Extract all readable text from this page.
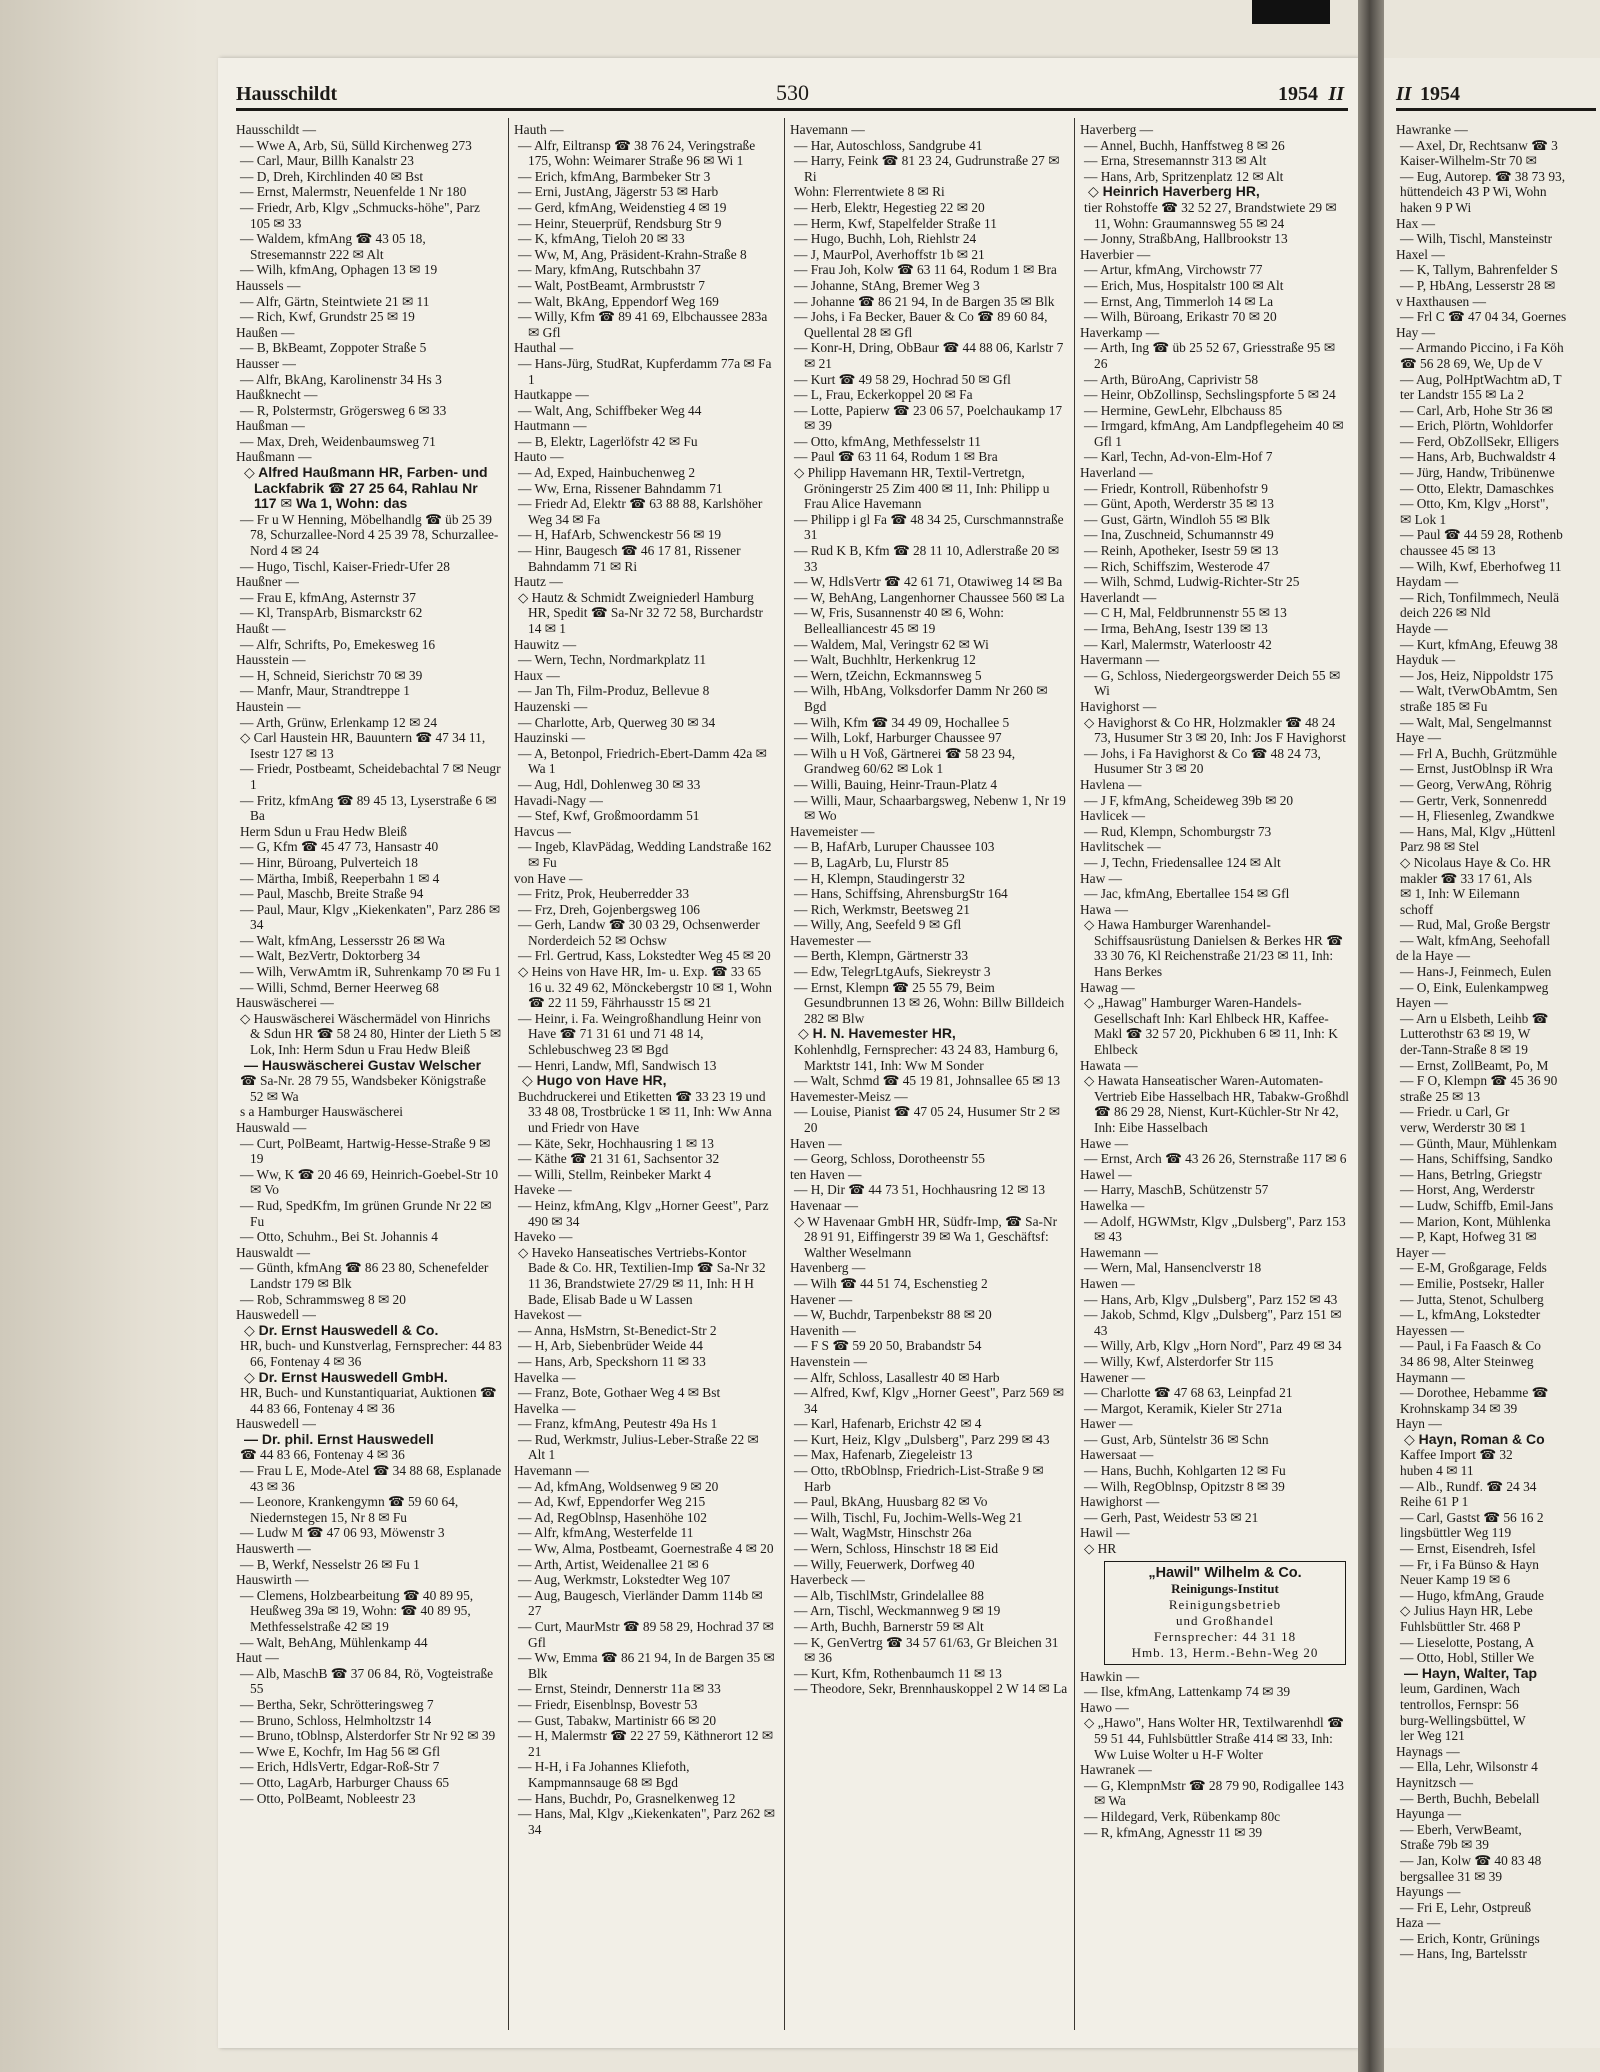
Hausschildt	530	1954 II	II 1954
Hausschildt —
— Wwe A, Arb, Sü, Sülld Kirchenweg 273
— Carl, Maur, Billh Kanalstr 23
— D, Dreh, Kirchlinden 40 ✉ Bst
— Ernst, Malermstr, Neuenfelde 1 Nr 180
— Friedr, Arb, Klgv „Schmucks-höhe", Parz 105 ✉ 33
— Waldem, kfmAng ☎ 43 05 18, Stresemannstr 222 ✉ Alt
— Wilh, kfmAng, Ophagen 13 ✉ 19
Haussels —
— Alfr, Gärtn, Steintwiete 21 ✉ 11
— Rich, Kwf, Grundstr 25 ✉ 19
Haußen —
— B, BkBeamt, Zoppoter Straße 5
Hausser —
— Alfr, BkAng, Karolinenstr 34 Hs 3
Haußknecht —
— R, Polstermstr, Grögersweg 6 ✉ 33
Haußman —
— Max, Dreh, Weidenbaumsweg 71
Haußmann —
◇ Alfred Haußmann HR, Farben- und Lackfabrik ☎ 27 25 64, Rahlau Nr 117 ✉ Wa 1, Wohn: das
— Fr u W Henning, Möbelhandlg ☎ üb 25 39 78, Schurzallee-Nord 4 25 39 78, Schurzallee-Nord 4 ✉ 24
— Hugo, Tischl, Kaiser-Friedr-Ufer 28
Haußner —
— Frau E, kfmAng, Asternstr 37
— Kl, TranspArb, Bismarckstr 62
Haußt —
— Alfr, Schrifts, Po, Emekesweg 16
Hausstein —
— H, Schneid, Sierichstr 70 ✉ 39
— Manfr, Maur, Strandtreppe 1
Haustein —
— Arth, Grünw, Erlenkamp 12 ✉ 24
◇ Carl Haustein HR, Bauuntern ☎ 47 34 11, Isestr 127 ✉ 13
— Friedr, Postbeamt, Scheidebachtal 7 ✉ Neugr 1
— Fritz, kfmAng ☎ 89 45 13, Lyserstraße 6 ✉ Ba
Herm Sdun u Frau Hedw Bleiß
— G, Kfm ☎ 45 47 73, Hansastr 40
— Hinr, Büroang, Pulverteich 18
— Märtha, Imbiß, Reeperbahn 1 ✉ 4
— Paul, Maschb, Breite Straße 94
— Paul, Maur, Klgv „Kiekenkaten", Parz 286 ✉ 34
— Walt, kfmAng, Lessersstr 26 ✉ Wa
— Walt, BezVertr, Doktorberg 34
— Wilh, VerwAmtm iR, Suhrenkamp 70 ✉ Fu 1
— Willi, Schmd, Berner Heerweg 68
Hauswäscherei —
◇ Hauswäscherei Wäschermädel von Hinrichs & Sdun HR ☎ 58 24 80, Hinter der Lieth 5 ✉ Lok, Inh: Herm Sdun u Frau Hedw Bleiß
— Hauswäscherei Gustav Welscher
☎ Sa-Nr. 28 79 55, Wandsbeker Königstraße 52 ✉ Wa
s a Hamburger Hauswäscherei
Hauswald —
— Curt, PolBeamt, Hartwig-Hesse-Straße 9 ✉ 19
— Ww, K ☎ 20 46 69, Heinrich-Goebel-Str 10 ✉ Vo
— Rud, SpedKfm, Im grünen Grunde Nr 22 ✉ Fu
— Otto, Schuhm., Bei St. Johannis 4
Hauswaldt —
— Günth, kfmAng ☎ 86 23 80, Schenefelder Landstr 179 ✉ Blk
— Rob, Schrammsweg 8 ✉ 20
Hauswedell —
◇ Dr. Ernst Hauswedell & Co.
HR, buch- und Kunstverlag, Fernsprecher: 44 83 66, Fontenay 4 ✉ 36
◇ Dr. Ernst Hauswedell GmbH.
HR, Buch- und Kunstantiquariat, Auktionen ☎ 44 83 66, Fontenay 4 ✉ 36
Hauswedell —
— Dr. phil. Ernst Hauswedell
☎ 44 83 66, Fontenay 4 ✉ 36
— Frau L E, Mode-Atel ☎ 34 88 68, Esplanade 43 ✉ 36
— Leonore, Krankengymn ☎ 59 60 64, Niedernstegen 15, Nr 8 ✉ Fu
— Ludw M ☎ 47 06 93, Möwenstr 3
Hauswerth —
— B, Werkf, Nesselstr 26 ✉ Fu 1
Hauswirth —
— Clemens, Holzbearbeitung ☎ 40 89 95, Heußweg 39a ✉ 19, Wohn: ☎ 40 89 95, Methfesselstraße 42 ✉ 19
— Walt, BehAng, Mühlenkamp 44
Haut —
— Alb, MaschB ☎ 37 06 84, Rö, Vogteistraße 55
— Bertha, Sekr, Schrötteringsweg 7
— Bruno, Schloss, Helmholtzstr 14
— Bruno, tOblnsp, Alsterdorfer Str Nr 92 ✉ 39
— Wwe E, Kochfr, Im Hag 56 ✉ Gfl
— Erich, HdlsVertr, Edgar-Roß-Str 7
— Otto, LagArb, Harburger Chauss 65
— Otto, PolBeamt, Nobleestr 23
Hauth —
— Alfr, Eiltransp ☎ 38 76 24, Veringstraße 175, Wohn: Weimarer Straße 96 ✉ Wi 1
— Erich, kfmAng, Barmbeker Str 3
— Erni, JustAng, Jägerstr 53 ✉ Harb
— Gerd, kfmAng, Weidenstieg 4 ✉ 19
— Heinr, Steuerprüf, Rendsburg Str 9
— K, kfmAng, Tieloh 20 ✉ 33
— Ww, M, Ang, Präsident-Krahn-Straße 8
— Mary, kfmAng, Rutschbahn 37
— Walt, PostBeamt, Armbruststr 7
— Walt, BkAng, Eppendorf Weg 169
— Willy, Kfm ☎ 89 41 69, Elbchaussee 283a ✉ Gfl
Hauthal —
— Hans-Jürg, StudRat, Kupferdamm 77a ✉ Fa 1
Hautkappe —
— Walt, Ang, Schiffbeker Weg 44
Hautmann —
— B, Elektr, Lagerlöfstr 42 ✉ Fu
Hauto —
— Ad, Exped, Hainbuchenweg 2
— Ww, Erna, Rissener Bahndamm 71
— Friedr Ad, Elektr ☎ 63 88 88, Karlshöher Weg 34 ✉ Fa
— H, HafArb, Schwenckestr 56 ✉ 19
— Hinr, Baugesch ☎ 46 17 81, Rissener Bahndamm 71 ✉ Ri
Hautz —
◇ Hautz & Schmidt Zweigniederl Hamburg HR, Spedit ☎ Sa-Nr 32 72 58, Burchardstr 14 ✉ 1
Hauwitz —
— Wern, Techn, Nordmarkplatz 11
Haux —
— Jan Th, Film-Produz, Bellevue 8
Hauzenski —
— Charlotte, Arb, Querweg 30 ✉ 34
Hauzinski —
— A, Betonpol, Friedrich-Ebert-Damm 42a ✉ Wa 1
— Aug, Hdl, Dohlenweg 30 ✉ 33
Havadi-Nagy —
— Stef, Kwf, Großmoordamm 51
Havcus —
— Ingeb, KlavPädag, Wedding Landstraße 162 ✉ Fu
von Have —
— Fritz, Prok, Heuberredder 33
— Frz, Dreh, Gojenbergsweg 106
— Gerh, Landw ☎ 30 03 29, Ochsenwerder Norderdeich 52 ✉ Ochsw
— Frl. Gertrud, Kass, Lokstedter Weg 45 ✉ 20
◇ Heins von Have HR, Im- u. Exp. ☎ 33 65 16 u. 32 49 62, Mönckebergstr 10 ✉ 1, Wohn ☎ 22 11 59, Fährhausstr 15 ✉ 21
— Heinr, i. Fa. Weingroßhandlung Heinr von Have ☎ 71 31 61 und 71 48 14, Schlebuschweg 23 ✉ Bgd
— Henri, Landw, Mfl, Sandwisch 13
◇ Hugo von Have HR,
Buchdruckerei und Etiketten ☎ 33 23 19 und 33 48 08, Trostbrücke 1 ✉ 11, Inh: Ww Anna und Friedr von Have
— Käte, Sekr, Hochhausring 1 ✉ 13
— Käthe ☎ 21 31 61, Sachsentor 32
— Willi, Stellm, Reinbeker Markt 4
Haveke —
— Heinz, kfmAng, Klgv „Horner Geest", Parz 490 ✉ 34
Haveko —
◇ Haveko Hanseatisches Vertriebs-Kontor Bade & Co. HR, Textilien-Imp ☎ Sa-Nr 32 11 36, Brandstwiete 27/29 ✉ 11, Inh: H H Bade, Elisab Bade u W Lassen
Havekost —
— Anna, HsMstrn, St-Benedict-Str 2
— H, Arb, Siebenbrüder Weide 44
— Hans, Arb, Speckshorn 11 ✉ 33
Havelka —
— Franz, Bote, Gothaer Weg 4 ✉ Bst
Havelka —
— Franz, kfmAng, Peutestr 49a Hs 1
— Rud, Werkmstr, Julius-Leber-Straße 22 ✉ Alt 1
Havemann —
— Ad, kfmAng, Woldsenweg 9 ✉ 20
— Ad, Kwf, Eppendorfer Weg 215
— Ad, RegOblnsp, Hasenhöhe 102
— Alfr, kfmAng, Westerfelde 11
— Ww, Alma, Postbeamt, Goernestraße 4 ✉ 20
— Arth, Artist, Weidenallee 21 ✉ 6
— Aug, Werkmstr, Lokstedter Weg 107
— Aug, Baugesch, Vierländer Damm 114b ✉ 27
— Curt, MaurMstr ☎ 89 58 29, Hochrad 37 ✉ Gfl
— Ww, Emma ☎ 86 21 94, In de Bargen 35 ✉ Blk
— Ernst, Steindr, Dennerstr 11a ✉ 33
— Friedr, Eisenblnsp, Bovestr 53
— Gust, Tabakw, Martinistr 66 ✉ 20
— H, Malermstr ☎ 22 27 59, Käthnerort 12 ✉ 21
— H-H, i Fa Johannes Kliefoth, Kampmannsauge 68 ✉ Bgd
— Hans, Buchdr, Po, Grasnelkenweg 12
— Hans, Mal, Klgv „Kiekenkaten", Parz 262 ✉ 34
Havemann —
— Har, Autoschloss, Sandgrube 41
— Harry, Feink ☎ 81 23 24, Gudrunstraße 27 ✉ Ri
Wohn: Flerrentwiete 8 ✉ Ri
— Herb, Elektr, Hegestieg 22 ✉ 20
— Herm, Kwf, Stapelfelder Straße 11
— Hugo, Buchh, Loh, Riehlstr 24
— J, MaurPol, Averhoffstr 1b ✉ 21
— Frau Joh, Kolw ☎ 63 11 64, Rodum 1 ✉ Bra
— Johanne, StAng, Bremer Weg 3
— Johanne ☎ 86 21 94, In de Bargen 35 ✉ Blk
— Johs, i Fa Becker, Bauer & Co ☎ 89 60 84, Quellental 28 ✉ Gfl
— Konr-H, Dring, ObBaur ☎ 44 88 06, Karlstr 7 ✉ 21
— Kurt ☎ 49 58 29, Hochrad 50 ✉ Gfl
— L, Frau, Eckerkoppel 20 ✉ Fa
— Lotte, Papierw ☎ 23 06 57, Poelchaukamp 17 ✉ 39
— Otto, kfmAng, Methfesselstr 11
— Paul ☎ 63 11 64, Rodum 1 ✉ Bra
◇ Philipp Havemann HR, Textil-Vertretgn, Gröningerstr 25 Zim 400 ✉ 11, Inh: Philipp u Frau Alice Havemann
— Philipp i gl Fa ☎ 48 34 25, Curschmannstraße 31
— Rud K B, Kfm ☎ 28 11 10, Adlerstraße 20 ✉ 33
— W, HdlsVertr ☎ 42 61 71, Otawiweg 14 ✉ Ba
— W, BehAng, Langenhorner Chaussee 560 ✉ La
— W, Fris, Susannenstr 40 ✉ 6, Wohn: Belleallianсestr 45 ✉ 19
— Waldem, Mal, Veringstr 62 ✉ Wi
— Walt, Buchhltr, Herkenkrug 12
— Wern, tZeichn, Eckmannsweg 5
— Wilh, HbAng, Volksdorfer Damm Nr 260 ✉ Bgd
— Wilh, Kfm ☎ 34 49 09, Hochallee 5
— Wilh, Lokf, Harburger Chaussee 97
— Wilh u H Voß, Gärtnerei ☎ 58 23 94, Grandweg 60/62 ✉ Lok 1
— Willi, Bauing, Heinr-Traun-Platz 4
— Willi, Maur, Schaarbargsweg, Nebenw 1, Nr 19 ✉ Wo
Havemeister —
— B, HafArb, Luruper Chaussee 103
— B, LagArb, Lu, Flurstr 85
— H, Klempn, Staudingerstr 32
— Hans, Schiffsing, AhrensburgStr 164
— Rich, Werkmstr, Beetsweg 21
— Willy, Ang, Seefeld 9 ✉ Gfl
Havemester —
— Berth, Klempn, Gärtnerstr 33
— Edw, TelegrLtgAufs, Siekreystr 3
— Ernst, Klempn ☎ 25 55 79, Beim Gesundbrunnen 13 ✉ 26, Wohn: Billw Billdeich 282 ✉ Blw
◇ H. N. Havemester HR,
Kohlenhdlg, Fernsprecher: 43 24 83, Hamburg 6, Marktstr 141, Inh: Ww M Sonder
— Walt, Schmd ☎ 45 19 81, Johnsallee 65 ✉ 13
Havemester-Meisz —
— Louise, Pianist ☎ 47 05 24, Husumer Str 2 ✉ 20
Haven —
— Georg, Schloss, Dorotheenstr 55
ten Haven —
— H, Dir ☎ 44 73 51, Hochhausring 12 ✉ 13
Havenaar —
◇ W Havenaar GmbH HR, Südfr-Imp, ☎ Sa-Nr 28 91 91, Eiffingerstr 39 ✉ Wa 1, Geschäftsf: Walther Weselmann
Havenberg —
— Wilh ☎ 44 51 74, Eschenstieg 2
Havener —
— W, Buchdr, Tarpenbekstr 88 ✉ 20
Havenith —
— F S ☎ 59 20 50, Brabandstr 54
Havenstein —
— Alfr, Schloss, Lasallestr 40 ✉ Harb
— Alfred, Kwf, Klgv „Horner Geest", Parz 569 ✉ 34
— Karl, Hafenarb, Erichstr 42 ✉ 4
— Kurt, Heiz, Klgv „Dulsberg", Parz 299 ✉ 43
— Max, Hafenarb, Ziegeleistr 13
— Otto, tRbOblnsp, Friedrich-List-Straße 9 ✉ Harb
— Paul, BkAng, Huusbarg 82 ✉ Vo
— Wilh, Tischl, Fu, Jochim-Wells-Weg 21
— Walt, WagMstr, Hinschstr 26a
— Wern, Schloss, Hinschstr 18 ✉ Eid
— Willy, Feuerwerk, Dorfweg 40
Haverbeck —
— Alb, TischlMstr, Grindelallee 88
— Arn, Tischl, Weckmannweg 9 ✉ 19
— Arth, Buchh, Barnerstr 59 ✉ Alt
— K, GenVertrg ☎ 34 57 61/63, Gr Bleichen 31 ✉ 36
— Kurt, Kfm, Rothenbaumch 11 ✉ 13
— Theodore, Sekr, Brennhauskoppel 2 W 14 ✉ La
Haverberg —
— Annel, Buchh, Hanffstweg 8 ✉ 26
— Erna, Stresemannstr 313 ✉ Alt
— Hans, Arb, Spritzenplatz 12 ✉ Alt
◇ Heinrich Haverberg HR,
tier Rohstoffe ☎ 32 52 27, Brandstwiete 29 ✉ 11, Wohn: Graumannsweg 55 ✉ 24
— Jonny, StraßbAng, Hallbrookstr 13
Haverbier —
— Artur, kfmAng, Virchowstr 77
— Erich, Mus, Hospitalstr 100 ✉ Alt
— Ernst, Ang, Timmerloh 14 ✉ La
— Wilh, Büroang, Erikastr 70 ✉ 20
Haverkamp —
— Arth, Ing ☎ üb 25 52 67, Griesstraße 95 ✉ 26
— Arth, BüroAng, Caprivistr 58
— Heinr, ObZollinsp, Sechslingspforte 5 ✉ 24
— Hermine, GewLehr, Elbchauss 85
— Irmgard, kfmAng, Am Landpflegeheim 40 ✉ Gfl 1
— Karl, Techn, Ad-von-Elm-Hof 7
Haverland —
— Friedr, Kontroll, Rübenhofstr 9
— Günt, Apoth, Werderstr 35 ✉ 13
— Gust, Gärtn, Windloh 55 ✉ Blk
— Ina, Zuschneid, Schumannstr 49
— Reinh, Apotheker, Isestr 59 ✉ 13
— Rich, Schiffszim, Westerode 47
— Wilh, Schmd, Ludwig-Richter-Str 25
Haverlandt —
— C H, Mal, Feldbrunnenstr 55 ✉ 13
— Irma, BehAng, Isestr 139 ✉ 13
— Karl, Malermstr, Waterloostr 42
Havermann —
— G, Schloss, Niedergeorgswerder Deich 55 ✉ Wi
Havighorst —
◇ Havighorst & Co HR, Holzmakler ☎ 48 24 73, Husumer Str 3 ✉ 20, Inh: Jos F Havighorst
— Johs, i Fa Havighorst & Co ☎ 48 24 73, Husumer Str 3 ✉ 20
Havlena —
— J F, kfmAng, Scheideweg 39b ✉ 20
Havlicek —
— Rud, Klempn, Schomburgstr 73
Havlitschek —
— J, Techn, Friedensallee 124 ✉ Alt
Haw —
— Jac, kfmAng, Ebertallee 154 ✉ Gfl
Hawa —
◇ Hawa Hamburger Warenhandel- Schiffsausrüstung Danielsen & Berkes HR ☎ 33 30 76, Kl Reichenstraße 21/23 ✉ 11, Inh: Hans Berkes
Hawag —
◇ „Hawag" Hamburger Waren-Handels-Gesellschaft Inh: Karl Ehlbeck HR, Kaffee-Makl ☎ 32 57 20, Pickhuben 6 ✉ 11, Inh: K Ehlbeck
Hawata —
◇ Hawata Hanseatischer Waren-Automaten-Vertrieb Eibe Hasselbach HR, Tabakw-Großhdl ☎ 86 29 28, Nienst, Kurt-Küchler-Str Nr 42, Inh: Eibe Hasselbach
Hawe —
— Ernst, Arch ☎ 43 26 26, Sternstraße 117 ✉ 6
Hawel —
— Harry, MaschB, Schützenstr 57
Hawelka —
— Adolf, HGWMstr, Klgv „Dulsberg", Parz 153 ✉ 43
Hawemann —
— Wern, Mal, Hansenclverstr 18
Hawen —
— Hans, Arb, Klgv „Dulsberg", Parz 152 ✉ 43
— Jakob, Schmd, Klgv „Dulsberg", Parz 151 ✉ 43
— Willy, Arb, Klgv „Horn Nord", Parz 49 ✉ 34
— Willy, Kwf, Alsterdorfer Str 115
Hawener —
— Charlotte ☎ 47 68 63, Leinpfad 21
— Margot, Keramik, Kieler Str 271a
Hawer —
— Gust, Arb, Süntelstr 36 ✉ Schn
Hawersaat —
— Hans, Buchh, Kohlgarten 12 ✉ Fu
— Wilh, RegOblnsp, Opitzstr 8 ✉ 39
Hawighorst —
— Gerh, Past, Weidestr 53 ✉ 21
Hawil —
◇ HR
„Hawil" Wilhelm & Co.
Reinigungs-Institut
Reinigungsbetrieb
und Großhandel
Fernsprecher: 44 31 18
Hmb. 13, Herm.-Behn-Weg 20
Hawkin —
— Ilse, kfmAng, Lattenkamp 74 ✉ 39
Hawo —
◇ „Hawo", Hans Wolter HR, Textilwarenhdl ☎ 59 51 44, Fuhlsbüttler Straße 414 ✉ 33, Inh: Ww Luise Wolter u H-F Wolter
Hawranek —
— G, KlempnMstr ☎ 28 79 90, Rodigallee 143 ✉ Wa
— Hildegard, Verk, Rübenkamp 80c
— R, kfmAng, Agnesstr 11 ✉ 39
Hawranke —
— Axel, Dr, Rechtsanw ☎ 3
Kaiser-Wilhelm-Str 70 ✉
— Eug, Autorep. ☎ 38 73 93,
hüttendeich 43 P Wi, Wohn
haken 9 P Wi
Hax —
— Wilh, Tischl, Mansteinstr
Haxel —
— K, Tallym, Bahrenfelder S
— P, HbAng, Lesserstr 28 ✉
v Haxthausen —
— Frl C ☎ 47 04 34, Goernes
Hay —
— Armando Piccino, i Fa Köh
☎ 56 28 69, We, Up de V
— Aug, PolHptWachtm aD, T
ter Landstr 155 ✉ La 2
— Carl, Arb, Hohe Str 36 ✉
— Erich, Plörtn, Wohldorfer
— Ferd, ObZollSekr, Elligers
— Hans, Arb, Buchwaldstr 4
— Jürg, Handw, Tribünenwe
— Otto, Elektr, Damaschkes
— Otto, Km, Klgv „Horst",
✉ Lok 1
— Paul ☎ 44 59 28, Rothenb
chaussee 45 ✉ 13
— Wilh, Kwf, Eberhofweg 11
Haydam —
— Rich, Tonfilmmech, Neulä
deich 226 ✉ Nld
Hayde —
— Kurt, kfmAng, Efeuwg 38
Hayduk —
— Jos, Heiz, Nippoldstr 175
— Walt, tVerwObAmtm, Sen
straße 185 ✉ Fu
— Walt, Mal, Sengelmannst
Haye —
— Frl A, Buchh, Grützmühle
— Ernst, JustOblnsp iR Wra
— Georg, VerwAng, Röhrig
— Gertr, Verk, Sonnenredd
— H, Fliesenleg, Zwandkwe
— Hans, Mal, Klgv „Hüttenl
Parz 98 ✉ Stel
◇ Nicolaus Haye & Co. HR
makler ☎ 33 17 61, Als
✉ 1, Inh: W Eilemann
schoff
— Rud, Mal, Große Bergstr
— Walt, kfmAng, Seehofall
de la Haye —
— Hans-J, Feinmech, Eulen
— O, Eink, Eulenkampweg
Hayen —
— Arn u Elsbeth, Leihb ☎
Lutterothstr 63 ✉ 19, W
der-Tann-Straße 8 ✉ 19
— Ernst, ZollBeamt, Po, M
— F O, Klempn ☎ 45 36 90
straße 25 ✉ 13
— Friedr. u Carl, Gr
verw, Werderstr 30 ✉ 1
— Günth, Maur, Mühlenkam
— Hans, Schiffsing, Sandko
— Hans, Betrlng, Griegstr
— Horst, Ang, Werderstr
— Ludw, Schiffb, Emil-Jans
— Marion, Kont, Mühlenka
— P, Kapt, Hofweg 31 ✉
Hayer —
— E-M, Großgarage, Felds
— Emilie, Postsekr, Haller
— Jutta, Stenot, Schulberg
— L, kfmAng, Lokstedter
Hayessen —
— Paul, i Fa Faasch & Co
34 86 98, Alter Steinweg
Haymann —
— Dorothee, Hebamme ☎
Krohnskamp 34 ✉ 39
Hayn —
◇ Hayn, Roman & Co
Kaffee Import ☎ 32
huben 4 ✉ 11
— Alb., Rundf. ☎ 24 34
Reihe 61 P 1
— Carl, Gastst ☎ 56 16 2
lingsbüttler Weg 119
— Ernst, Eisendreh, Isfel
— Fr, i Fa Bünso & Hayn
Neuer Kamp 19 ✉ 6
— Hugo, kfmAng, Graude
◇ Julius Hayn HR, Lebe
Fuhlsbüttler Str. 468 P
— Lieselotte, Postang, A
— Otto, Hobl, Stiller We
— Hayn, Walter, Tap
leum, Gardinen, Wach
tentrollos, Fernspr: 56
burg-Wellingsbüttel, W
ler Weg 121
Haynags —
— Ella, Lehr, Wilsonstr 4
Haynitzsch —
— Berth, Buchh, Bebelall
Hayunga —
— Eberh, VerwBeamt,
Straße 79b ✉ 39
— Jan, Kolw ☎ 40 83 48
bergsallee 31 ✉ 39
Hayungs —
— Fri E, Lehr, Ostpreuß
Haza —
— Erich, Kontr, Grünings
— Hans, Ing, Bartelsstr
